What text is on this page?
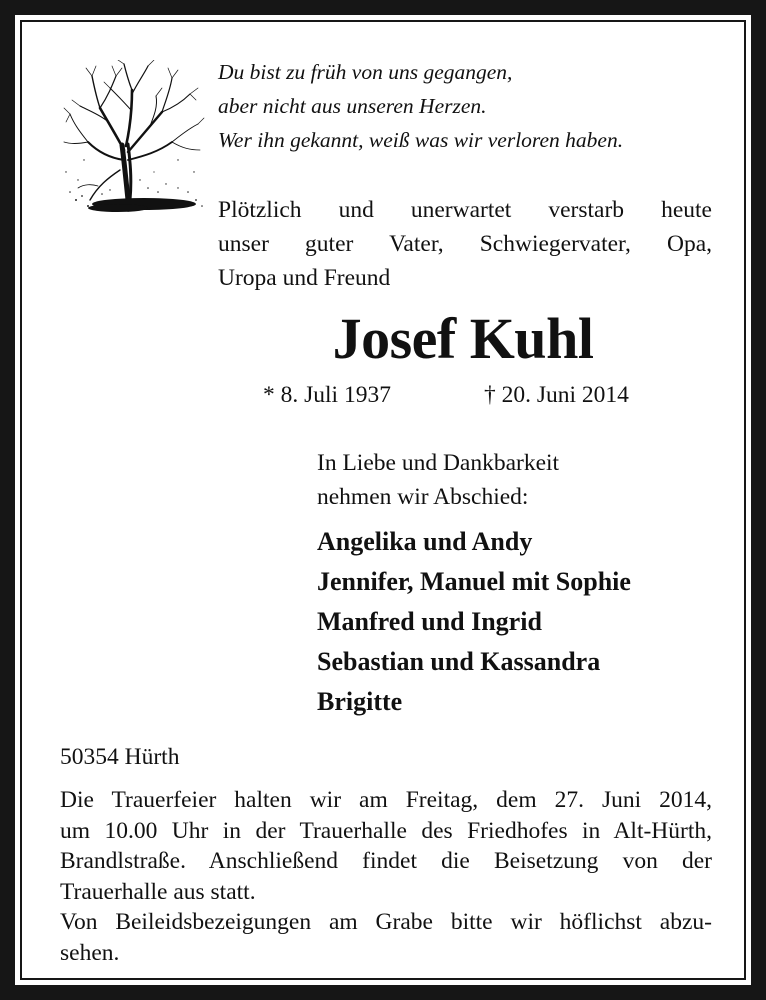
Du bist zu früh von uns gegangen,
aber nicht aus unseren Herzen.
Wer ihn gekannt, weiß was wir verloren haben.
Plötzlich und unerwartet verstarb heute
unser guter Vater, Schwiegervater, Opa,
Uropa und Freund
Josef Kuhl
* 8. Juli 1937	† 20. Juni 2014
In Liebe und Dankbarkeit
nehmen wir Abschied:
Angelika und Andy
Jennifer, Manuel mit Sophie
Manfred und Ingrid
Sebastian und Kassandra
Brigitte
50354 Hürth
Die Trauerfeier halten wir am Freitag, dem 27. Juni 2014,
um 10.00 Uhr in der Trauerhalle des Friedhofes in Alt-Hürth,
Brandlstraße. Anschließend findet die Beisetzung von der
Trauerhalle aus statt.
Von Beileidsbezeigungen am Grabe bitte wir höflichst abzu-
sehen.
